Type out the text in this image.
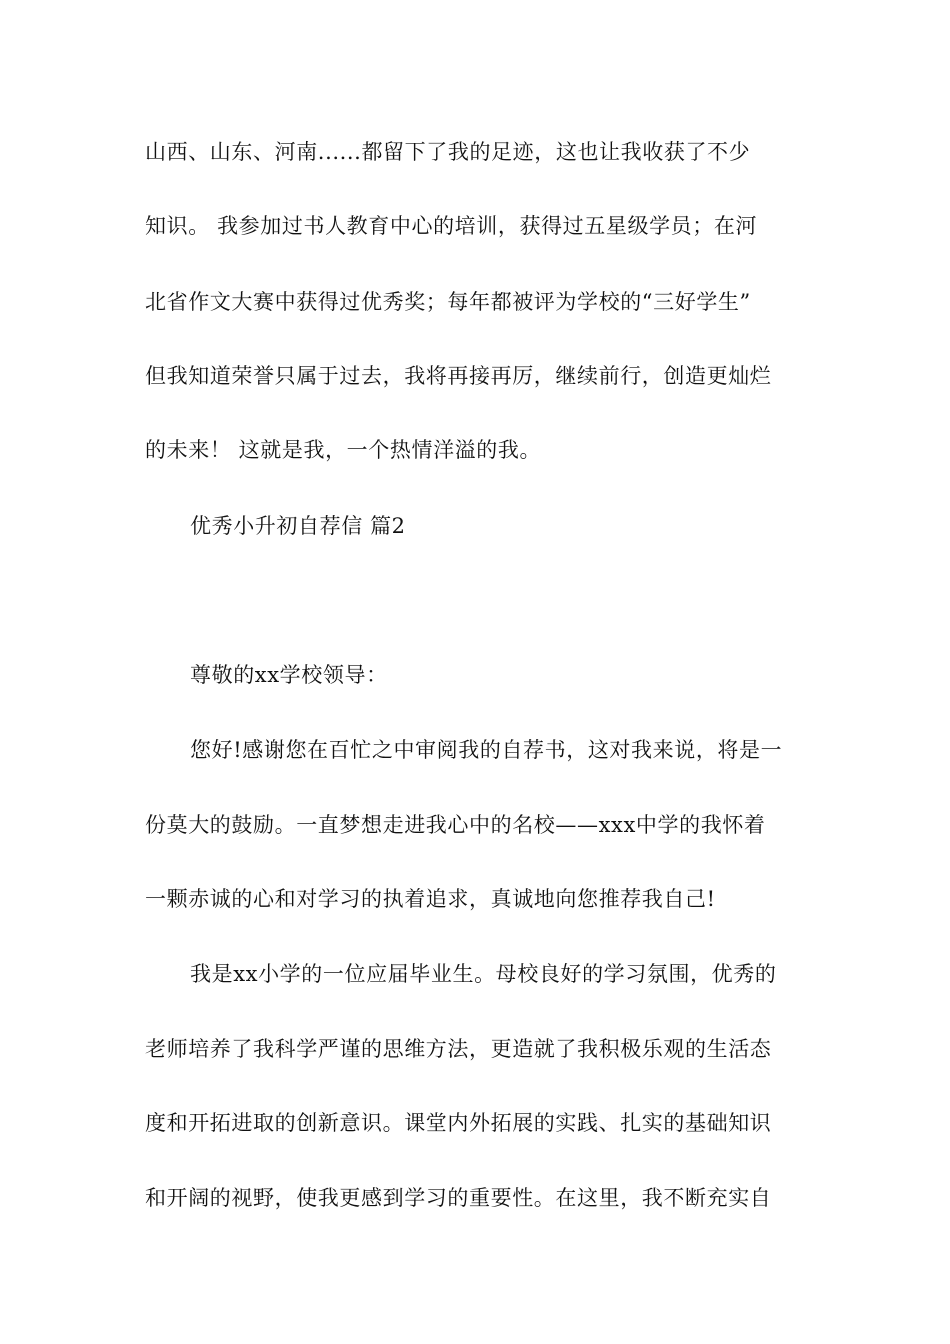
山西、山东、河南......都留下了我的足迹，这也让我收获了不少
知识。 我参加过书人教育中心的培训，获得过五星级学员；在河
北省作文大赛中获得过优秀奖；每年都被评为学校的“三好学生”
但我知道荣誉只属于过去，我将再接再厉，继续前行，创造更灿烂
的未来！ 这就是我，一个热情洋溢的我。
优秀小升初自荐信 篇2
尊敬的xx学校领导：
您好!感谢您在百忙之中审阅我的自荐书，这对我来说，将是一
份莫大的鼓励。一直梦想走进我心中的名校——xxx中学的我怀着
一颗赤诚的心和对学习的执着追求，真诚地向您推荐我自己!
我是xx小学的一位应届毕业生。母校良好的学习氛围，优秀的
老师培养了我科学严谨的思维方法，更造就了我积极乐观的生活态
度和开拓进取的创新意识。课堂内外拓展的实践、扎实的基础知识
和开阔的视野，使我更感到学习的重要性。在这里，我不断充实自
